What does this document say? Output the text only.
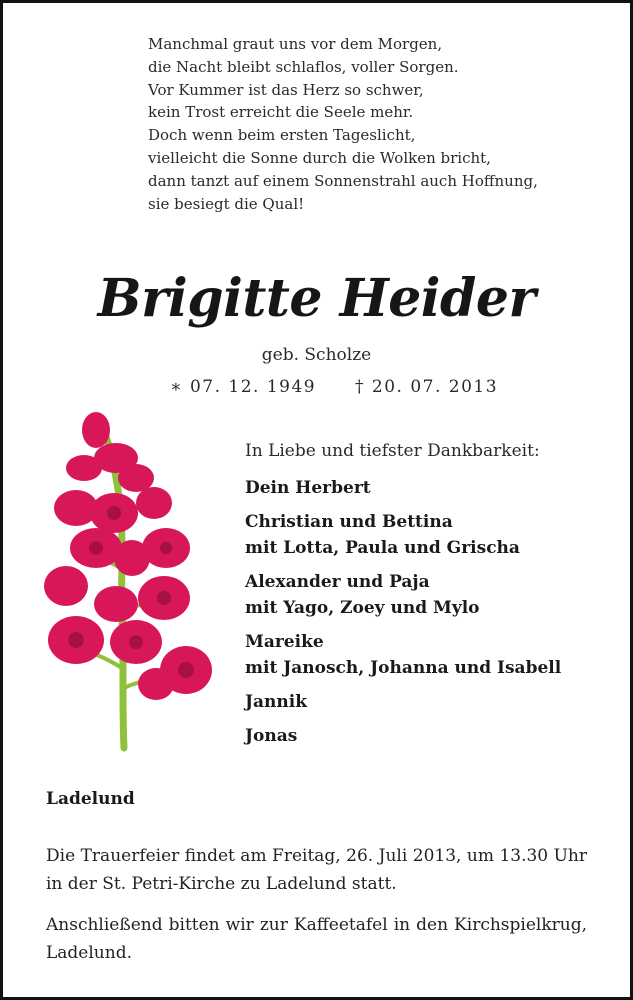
Manchmal graut uns vor dem Morgen,
die Nacht bleibt schlaflos, voller Sorgen.
Vor Kummer ist das Herz so schwer,
kein Trost erreicht die Seele mehr.
Doch wenn beim ersten Tageslicht,
vielleicht die Sonne durch die Wolken bricht,
dann tanzt auf einem Sonnenstrahl auch Hoffnung,
sie besiegt die Qual!
Brigitte Heider
geb. Scholze
∗ 07. 12. 1949 † 20. 07. 2013
In Liebe und tiefster Dankbarkeit:
Dein Herbert
Christian und Bettina
mit Lotta, Paula und Grischa
Alexander und Paja
mit Yago, Zoey und Mylo
Mareike
mit Janosch, Johanna und Isabell
Jannik
Jonas
Ladelund
Die Trauerfeier findet am Freitag, 26. Juli 2013, um 13.30 Uhr in der St. Petri-Kirche zu Ladelund statt.
Anschließend bitten wir zur Kaffeetafel in den Kirchspielkrug, Ladelund.
